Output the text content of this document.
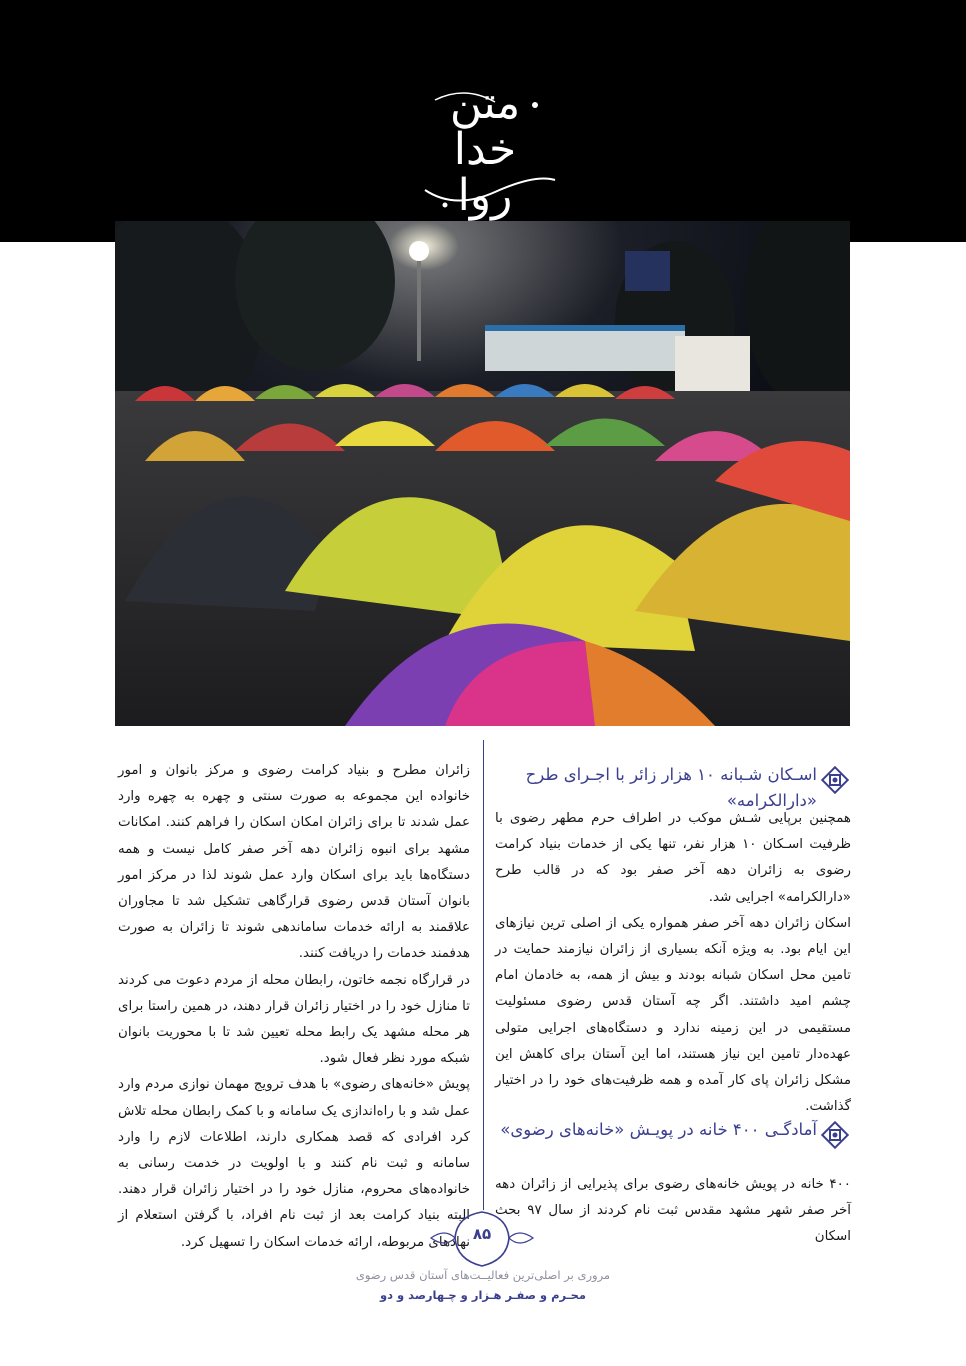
متن
خدا
روا
اسـکان شـبانه ۱۰ هزار زائر با اجـرای طرح «دارالکرامه»

همچنین برپایی شـش موکب در اطراف حرم مطهر رضوی با ظرفیت اسـکان ۱۰ هزار نفر، تنها یکی از خدمات بنیاد کرامت رضوی به زائران دهه آخر صفر بود که در قالب طرح «دارالکرامه» اجرایی شد.

اسکان زائران دهه آخر صفر همواره یکی از اصلی ترین نیازهای این ایام بود. به ویژه آنکه بسیاری از زائران نیازمند حمایت در تامین محل اسکان شبانه بودند و بیش از همه، به خادمان امام چشم امید داشتند. اگر چه آستان قدس رضوی مسئولیت مستقیمی در این زمینه ندارد و دستگاه‌های اجرایی متولی عهده‌دار تامین این نیاز هستند، اما این آستان برای کاهش این مشکل زائران پای کار آمده و همه ظرفیت‌های خود را در اختیار گذاشت.

آمادگـی ۴۰۰ خانه در پویـش «خانه‌های رضوی»
۴۰۰ خانه در پویش خانه‌های رضوی برای پذیرایی از زائران دهه آخر صفر شهر مشهد مقدس ثبت نام کردند از سال ۹۷ بحث اسکان

زائران مطرح و بنیاد کرامت رضوی و مرکز بانوان و امور خانواده این مجموعه به صورت سنتی و چهره به چهره وارد عمل شدند تا برای زائران امکان اسکان را فراهم کنند. امکانات مشهد برای انبوه زائران دهه آخر صفر کامل نیست و همه دستگاه‌ها باید برای اسکان وارد عمل شوند لذا در مرکز امور بانوان آستان قدس رضوی قرارگاهی تشکیل شد تا مجاوران علاقمند به ارائه خدمات ساماندهی شوند تا زائران به صورت هدفمند خدمات را دریافت کنند.

در قرارگاه نجمه خاتون، رابطان محله از مردم دعوت می کردند تا منازل خود را در اختیار زائران قرار دهند، در همین راستا برای هر محله مشهد یک رابط محله تعیین شد تا با محوریت بانوان شبکه مورد نظر فعال شود.

پویش «خانه‌های رضوی» با هدف ترویج مهمان نوازی مردم وارد عمل شد و با راه‌اندازی یک سامانه و با کمک رابطان محله تلاش کرد افرادی که قصد همکاری دارند، اطلاعات لازم را وارد سامانه و ثبت نام کنند و با اولویت در خدمت رسانی به خانواده‌های محروم، منازل خود را در اختیار زائران قرار دهند. البته بنیاد کرامت بعد از ثبت نام افراد، با گرفتن استعلام از نهادهای مربوطه، ارائه خدمات اسکان را تسهیل کرد. ۸۵
مروری بر اصلی‌ترین فعالیــت‌های آستان قدس رضوی
محـرم و صفـر هـزار و چـهارصد و دو
